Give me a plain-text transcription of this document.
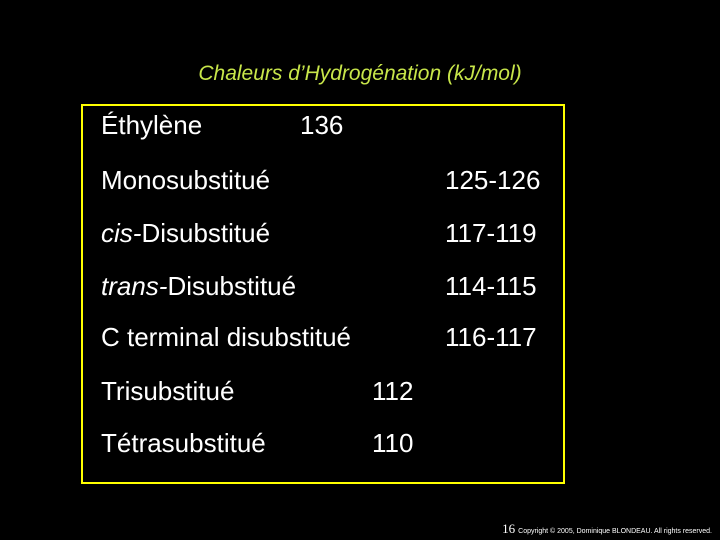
Chaleurs d’Hydrogénation (kJ/mol)
Éthylène	136
Monosubstitué	125-126
cis-Disubstitué	117-119
trans-Disubstitué	114-115
C terminal disubstitué	116-117
Trisubstitué	112
Tétrasubstitué	110
16 Copyright © 2005, Dominique BLONDEAU. All rights reserved.
